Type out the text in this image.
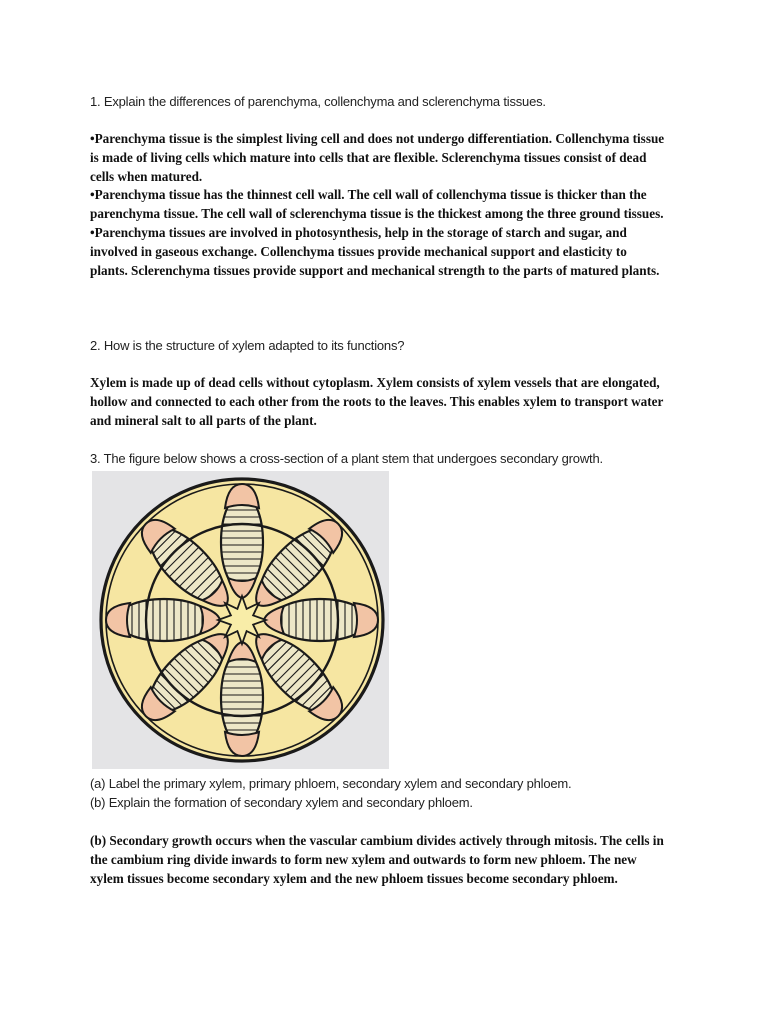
1. Explain the differences of parenchyma, collenchyma and sclerenchyma tissues.

•Parenchyma tissue is the simplest living cell and does not undergo differentiation. Collenchyma tissue is made of living cells which mature into cells that are flexible. Sclerenchyma tissues consist of dead cells when matured.

•Parenchyma tissue has the thinnest cell wall. The cell wall of collenchyma tissue is thicker than the parenchyma tissue. The cell wall of sclerenchyma tissue is the thickest among the three ground tissues.

•Parenchyma tissues are involved in photosynthesis, help in the storage of starch and sugar, and involved in gaseous exchange. Collenchyma tissues provide mechanical support and elasticity to plants. Sclerenchyma tissues provide support and mechanical strength to the parts of matured plants.

2. How is the structure of xylem adapted to its functions?
Xylem is made up of dead cells without cytoplasm. Xylem consists of xylem vessels that are elongated, hollow and connected to each other from the roots to the leaves. This enables xylem to transport water and mineral salt to all parts of the plant.
3. The figure below shows a cross-section of a plant stem that undergoes secondary growth.
(a) Label the primary xylem, primary phloem, secondary xylem and secondary phloem.
(b) Explain the formation of secondary xylem and secondary phloem.
(b) Secondary growth occurs when the vascular cambium divides actively through mitosis. The cells in the cambium ring divide inwards to form new xylem and outwards to form new phloem. The new xylem tissues become secondary xylem and the new phloem tissues become secondary phloem.
